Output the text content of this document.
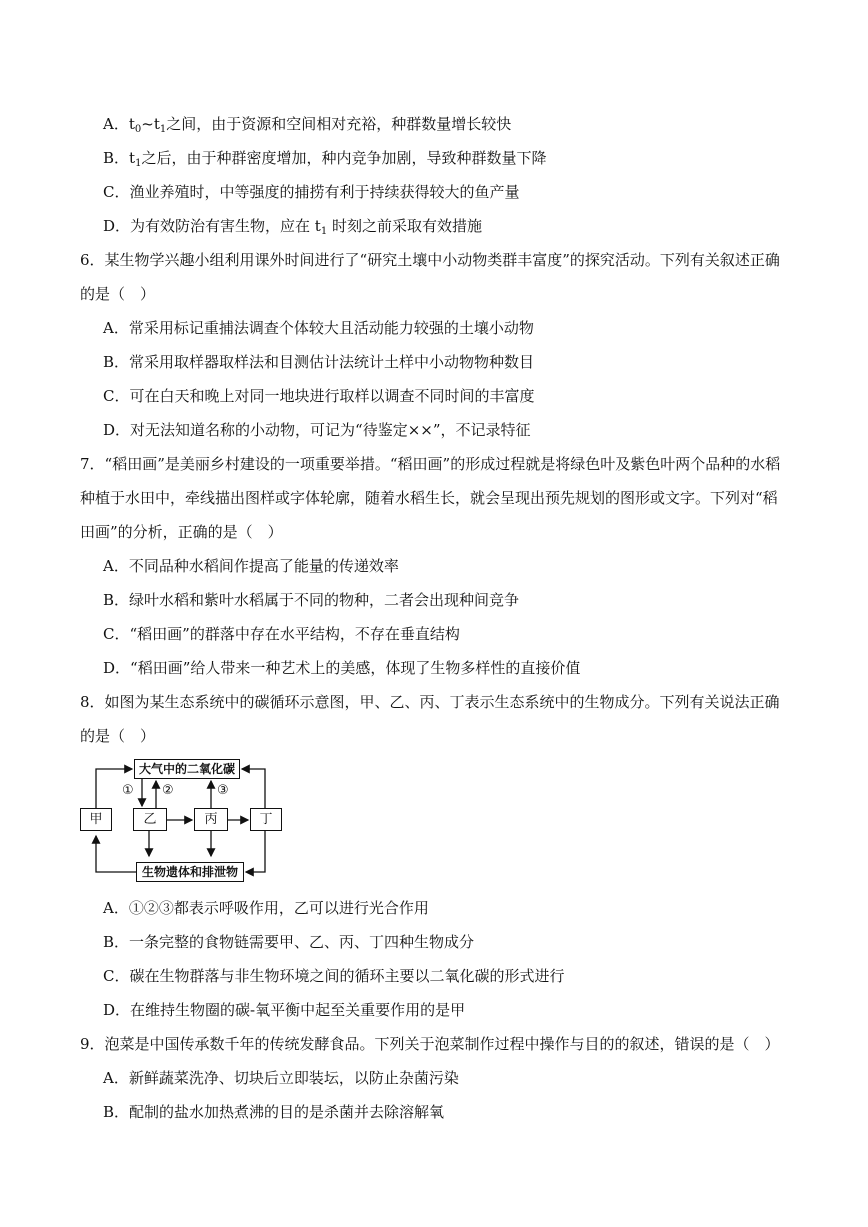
A．$t_0\sim t_1$之间，由于资源和空间相对充裕，种群数量增长较快
B．$t_1$之后，由于种群密度增加，种内竞争加剧，导致种群数量下降
C．渔业养殖时，中等强度的捕捞有利于持续获得较大的鱼产量
D．为有效防治有害生物，应在 $t_1$ 时刻之前采取有效措施
6．某生物学兴趣小组利用课外时间进行了“研究土壤中小动物类群丰富度”的探究活动。下列有关叙述正确
的是（　）
A．常采用标记重捕法调查个体较大且活动能力较强的土壤小动物
B．常采用取样器取样法和目测估计法统计土样中小动物物种数目
C．可在白天和晚上对同一地块进行取样以调查不同时间的丰富度
D．对无法知道名称的小动物，可记为“待鉴定××”，不记录特征
7．“稻田画”是美丽乡村建设的一项重要举措。“稻田画”的形成过程就是将绿色叶及紫色叶两个品种的水稻
种植于水田中，牵线描出图样或字体轮廓，随着水稻生长，就会呈现出预先规划的图形或文字。下列对“稻
田画”的分析，正确的是（　）
A．不同品种水稻间作提高了能量的传递效率
B．绿叶水稻和紫叶水稻属于不同的物种，二者会出现种间竞争
C．“稻田画”的群落中存在水平结构，不存在垂直结构
D．“稻田画”给人带来一种艺术上的美感，体现了生物多样性的直接价值
8．如图为某生态系统中的碳循环示意图，甲、乙、丙、丁表示生态系统中的生物成分。下列有关说法正确
的是（　）
大气中的二氧化碳
生物遗体和排泄物
甲	乙	丙	丁
① ②	③
A．①②③都表示呼吸作用，乙可以进行光合作用
B．一条完整的食物链需要甲、乙、丙、丁四种生物成分
C．碳在生物群落与非生物环境之间的循环主要以二氧化碳的形式进行
D．在维持生物圈的碳-氧平衡中起至关重要作用的是甲
9．泡菜是中国传承数千年的传统发酵食品。下列关于泡菜制作过程中操作与目的的叙述，错误的是（　）
A．新鲜蔬菜洗净、切块后立即装坛，以防止杂菌污染
B．配制的盐水加热煮沸的目的是杀菌并去除溶解氧
